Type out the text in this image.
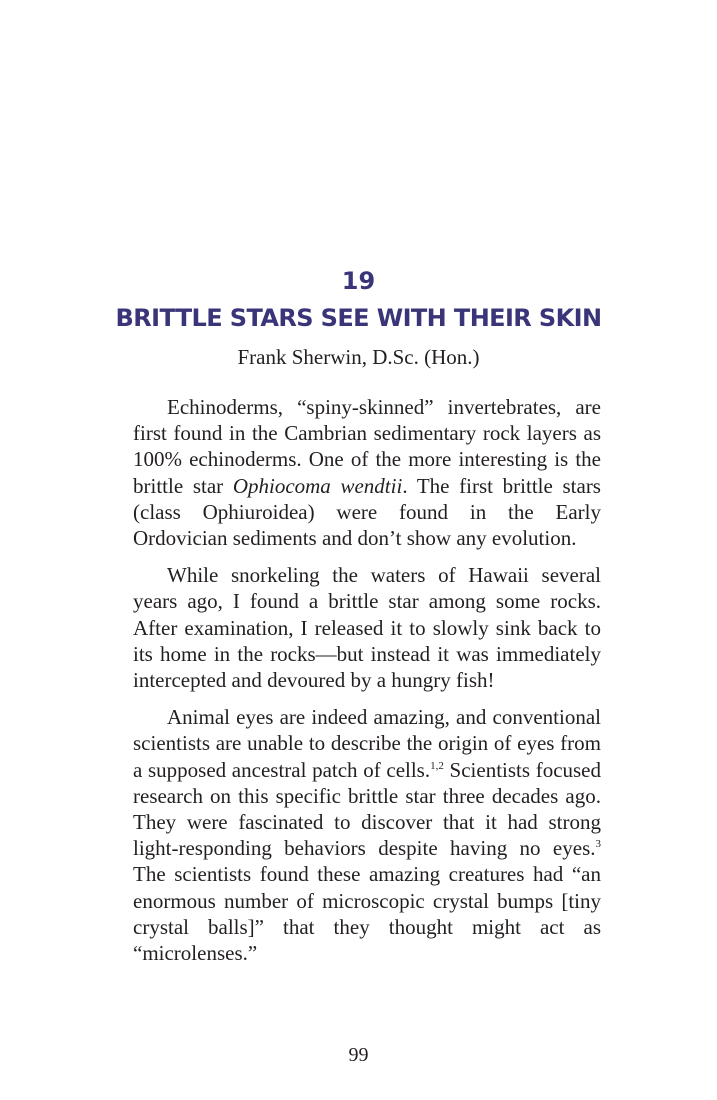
19
BRITTLE STARS SEE WITH THEIR SKIN
Frank Sherwin, D.Sc. (Hon.)

Echinoderms, “spiny-skinned” invertebrates, are first found in the Cambrian sedimentary rock layers as 100% echinoderms. One of the more interesting is the brittle star Ophiocoma wendtii. The first brittle stars (class Ophiuroidea) were found in the Early Ordovician sediments and don’t show any evolution.

While snorkeling the waters of Hawaii several years ago, I found a brittle star among some rocks. After examination, I released it to slowly sink back to its home in the rocks—but instead it was immediately intercepted and devoured by a hungry fish!

Animal eyes are indeed amazing, and conventional scientists are unable to describe the origin of eyes from a supposed ancestral patch of cells.$^{1,2}$ Scientists focused research on this specific brittle star three decades ago. They were fascinated to discover that it had strong light-responding behaviors despite having no eyes.$^3$ The scientists found these amazing creatures had “an enormous number of microscopic crystal bumps [tiny crystal balls]” that they thought might act as “microlenses.”

99
